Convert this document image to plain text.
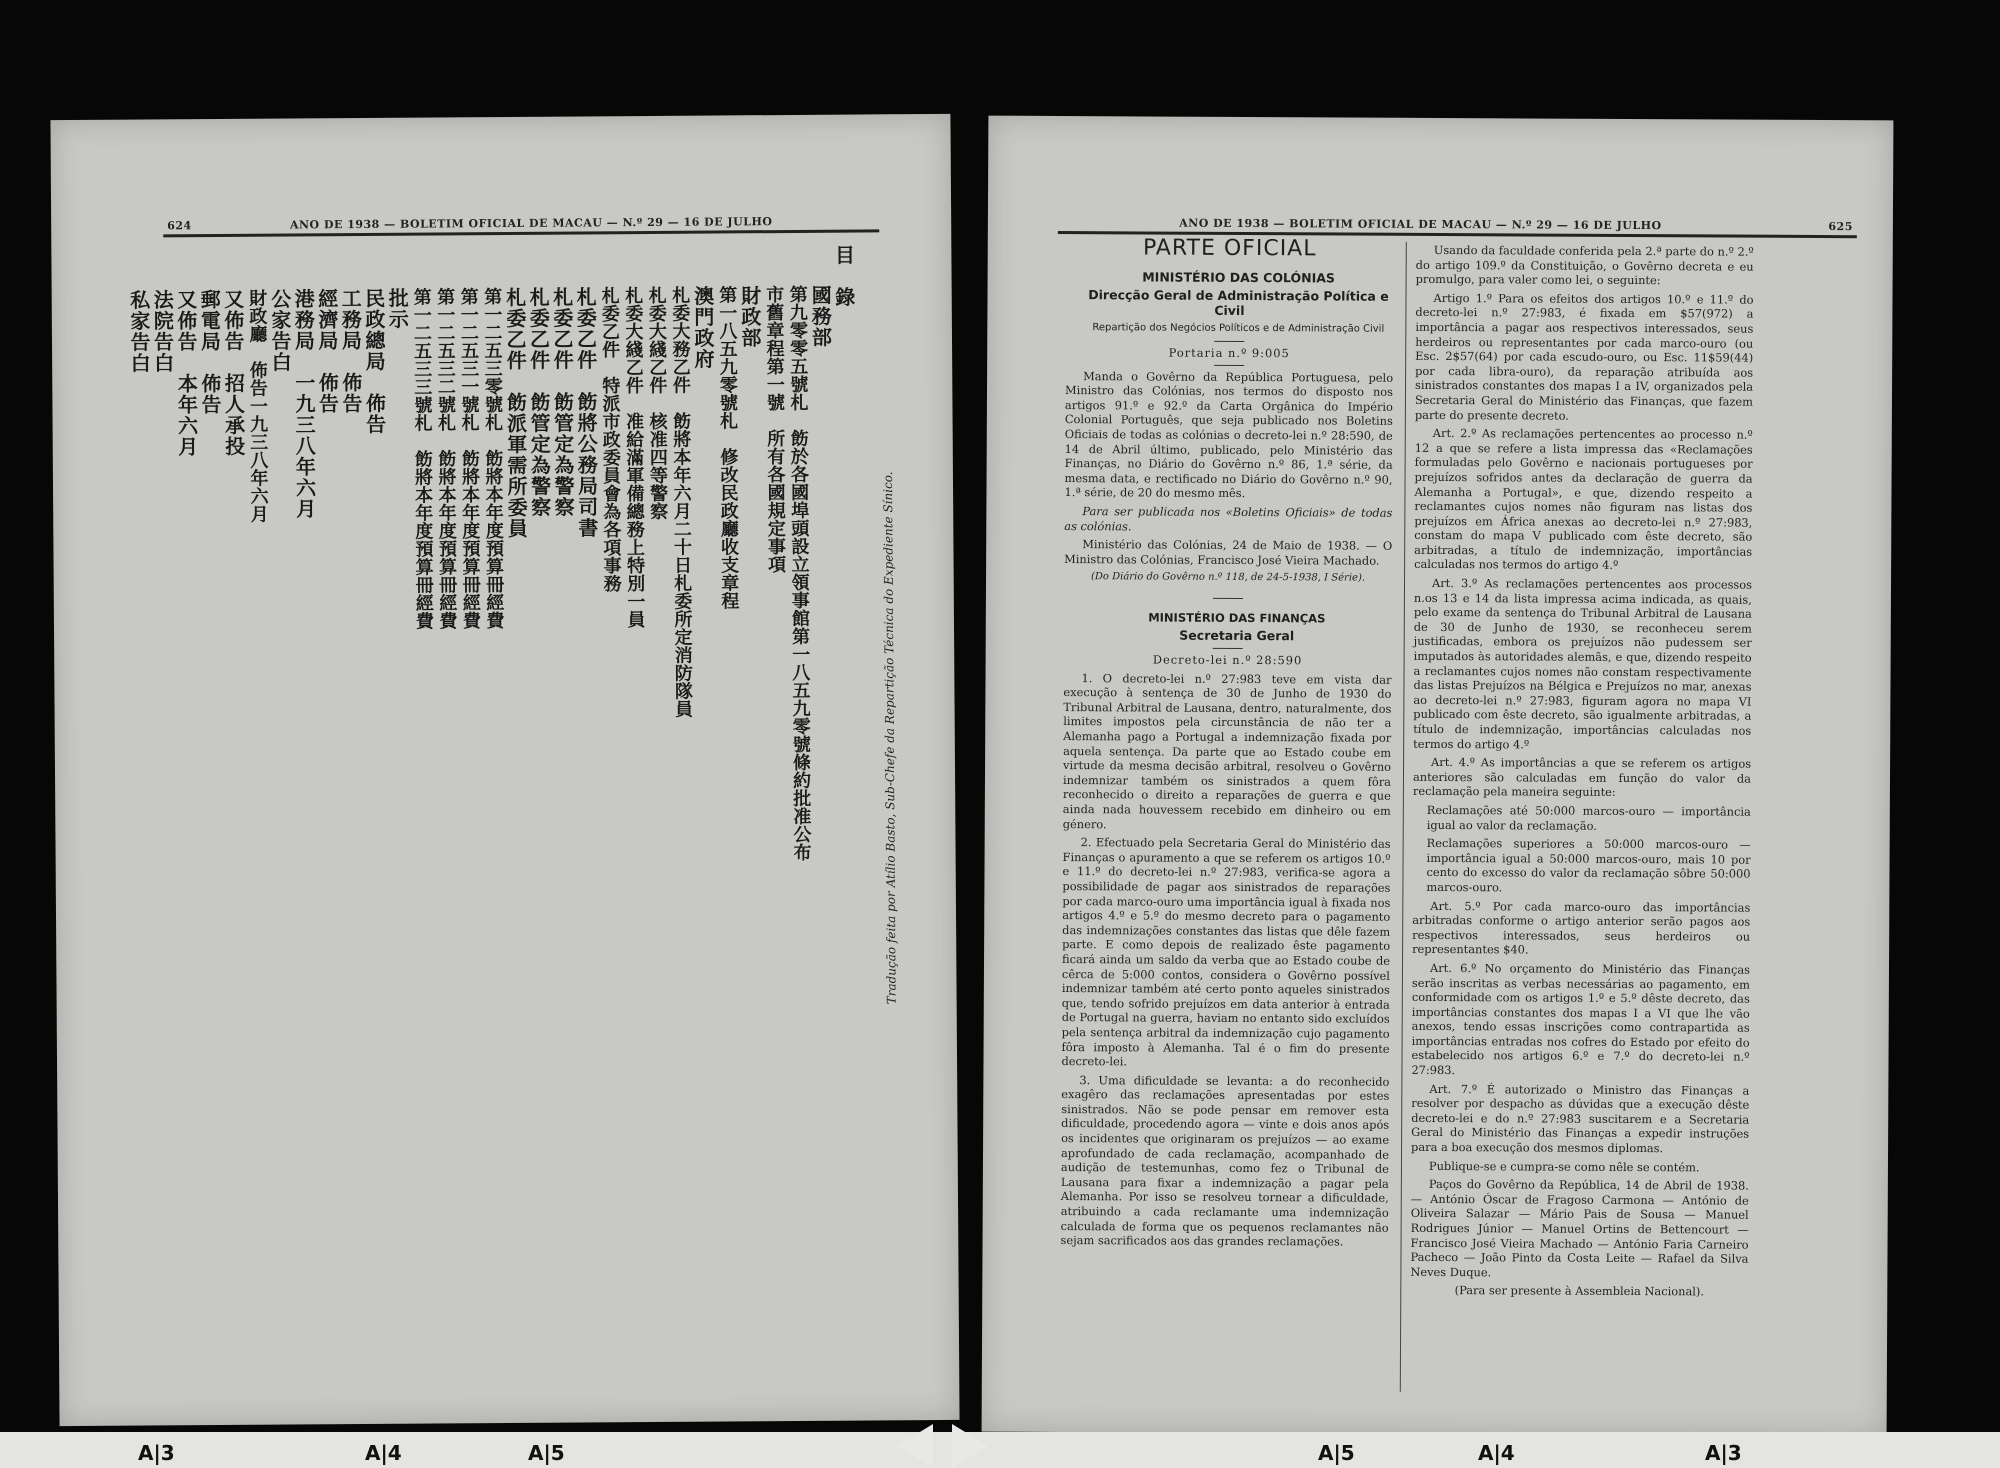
624	ANO DE 1938 — BOLETIM OFICIAL DE MACAU — N.º 29 — 16 DE JULHO
目　錄
國務部
第九零零五號札　飭於各國埠頭設立領事館第一八五九零號條約批准公布
市舊章程第一號　所有各國規定事項
財政部
第一八五九零號札　修改民政廳收支章程
澳門政府
札委大務乙件　飭將本年六月二十日札委所定消防隊員
札委大綫乙件　核准四等警察
札委大綫乙件　准給滿軍備總務上特別一員
札委乙件　特派市政委員會為各項事務
札委乙件　飭將公務局司書
札委乙件　飭管定為警察
札委乙件　飭管定為警察
札委乙件　飭派軍需所委員
第一二五三零號札　飭將本年度預算冊經費
第一二五三一號札　飭將本年度預算冊經費
第一二五三二號札　飭將本年度預算冊經費
第一二五三三號札　飭將本年度預算冊經費
批示
民政總局　佈告
工務局　佈告
經濟局　佈告
港務局　一九三八年六月
公家告白
財政廳　佈告一九三八年六月
又佈告　招人承投
郵電局　佈告
又佈告　本年六月
法院告白
私家告白
Tradução feita por Atílio Basto, Sub-Chefe da Repartição Técnica do Expediente Sínico.
ANO DE 1938 — BOLETIM OFICIAL DE MACAU — N.º 29 — 16 DE JULHO	625
PARTE OFICIAL

MINISTÉRIO DAS COLÓNIAS

Direcção Geral de Administração Política e Civil

Repartição dos Negócios Políticos e de Administração Civil

Portaria n.º 9:005

Manda o Govêrno da República Portuguesa, pelo Ministro das Colónias, nos termos do disposto nos artigos 91.º e 92.º da Carta Orgânica do Império Colonial Português, que seja publicado nos Boletins Oficiais de todas as colónias o decreto-lei n.º 28:590, de 14 de Abril último, publicado, pelo Ministério das Finanças, no Diário do Govêrno n.º 86, 1.ª série, da mesma data, e rectificado no Diário do Govêrno n.º 90, 1.ª série, de 20 do mesmo mês.

Para ser publicada nos «Boletins Oficiais» de todas as colónias.

Ministério das Colónias, 24 de Maio de 1938. — O Ministro das Colónias, Francisco José Vieira Machado.

(Do Diário do Govêrno n.º 118, de 24-5-1938, I Série).

MINISTÉRIO DAS FINANÇAS

Secretaria Geral

Decreto-lei n.º 28:590

1. O decreto-lei n.º 27:983 teve em vista dar execução à sentença de 30 de Junho de 1930 do Tribunal Arbitral de Lausana, dentro, naturalmente, dos limites impostos pela circunstância de não ter a Alemanha pago a Portugal a indemnização fixada por aquela sentença. Da parte que ao Estado coube em virtude da mesma decisão arbitral, resolveu o Govêrno indemnizar também os sinistrados a quem fôra reconhecido o direito a reparações de guerra e que ainda nada houvessem recebido em dinheiro ou em género.

2. Efectuado pela Secretaria Geral do Ministério das Finanças o apuramento a que se referem os artigos 10.º e 11.º do decreto-lei n.º 27:983, verifica-se agora a possibilidade de pagar aos sinistrados de reparações por cada marco-ouro uma importância igual à fixada nos artigos 4.º e 5.º do mesmo decreto para o pagamento das indemnizações constantes das listas que dêle fazem parte. E como depois de realizado êste pagamento ficará ainda um saldo da verba que ao Estado coube de cêrca de 5:000 contos, considera o Govêrno possível indemnizar também até certo ponto aqueles sinistrados que, tendo sofrido prejuízos em data anterior à entrada de Portugal na guerra, haviam no entanto sido excluídos pela sentença arbitral da indemnização cujo pagamento fôra imposto à Alemanha. Tal é o fim do presente decreto-lei.

3. Uma dificuldade se levanta: a do reconhecido exagêro das reclamações apresentadas por estes sinistrados. Não se pode pensar em remover esta dificuldade, procedendo agora — vinte e dois anos após os incidentes que originaram os prejuízos — ao exame aprofundado de cada reclamação, acompanhado de audição de testemunhas, como fez o Tribunal de Lausana para fixar a indemnização a pagar pela Alemanha. Por isso se resolveu tornear a dificuldade, atribuindo a cada reclamante uma indemnização calculada de forma que os pequenos reclamantes não sejam sacrificados aos das grandes reclamações.

Usando da faculdade conferida pela 2.ª parte do n.º 2.º do artigo 109.º da Constituição, o Govêrno decreta e eu promulgo, para valer como lei, o seguinte:

Artigo 1.º Para os efeitos dos artigos 10.º e 11.º do decreto-lei n.º 27:983, é fixada em $57(972) a importância a pagar aos respectivos interessados, seus herdeiros ou representantes por cada marco-ouro (ou Esc. 2$57(64) por cada escudo-ouro, ou Esc. 11$59(44) por cada libra-ouro), da reparação atribuída aos sinistrados constantes dos mapas I a IV, organizados pela Secretaria Geral do Ministério das Finanças, que fazem parte do presente decreto.

Art. 2.º As reclamações pertencentes ao processo n.º 12 a que se refere a lista impressa das «Reclamações formuladas pelo Govêrno e nacionais portugueses por prejuízos sofridos antes da declaração de guerra da Alemanha a Portugal», e que, dizendo respeito a reclamantes cujos nomes não figuram nas listas dos prejuízos em África anexas ao decreto-lei n.º 27:983, constam do mapa V publicado com êste decreto, são arbitradas, a título de indemnização, importâncias calculadas nos termos do artigo 4.º

Art. 3.º As reclamações pertencentes aos processos n.os 13 e 14 da lista impressa acima indicada, as quais, pelo exame da sentença do Tribunal Arbitral de Lausana de 30 de Junho de 1930, se reconheceu serem justificadas, embora os prejuízos não pudessem ser imputados às autoridades alemãs, e que, dizendo respeito a reclamantes cujos nomes não constam respectivamente das listas Prejuízos na Bélgica e Prejuízos no mar, anexas ao decreto-lei n.º 27:983, figuram agora no mapa VI publicado com êste decreto, são igualmente arbitradas, a título de indemnização, importâncias calculadas nos termos do artigo 4.º

Art. 4.º As importâncias a que se referem os artigos anteriores são calculadas em função do valor da reclamação pela maneira seguinte:

Reclamações até 50:000 marcos-ouro — importância igual ao valor da reclamação.

Reclamações superiores a 50:000 marcos-ouro — importância igual a 50:000 marcos-ouro, mais 10 por cento do excesso do valor da reclamação sôbre 50:000 marcos-ouro.

Art. 5.º Por cada marco-ouro das importâncias arbitradas conforme o artigo anterior serão pagos aos respectivos interessados, seus herdeiros ou representantes $40.

Art. 6.º No orçamento do Ministério das Finanças serão inscritas as verbas necessárias ao pagamento, em conformidade com os artigos 1.º e 5.º dêste decreto, das importâncias constantes dos mapas I a VI que lhe vão anexos, tendo essas inscrições como contrapartida as importâncias entradas nos cofres do Estado por efeito do estabelecido nos artigos 6.º e 7.º do decreto-lei n.º 27:983.

Art. 7.º É autorizado o Ministro das Finanças a resolver por despacho as dúvidas que a execução dêste decreto-lei e do n.º 27:983 suscitarem e a Secretaria Geral do Ministério das Finanças a expedir instruções para a boa execução dos mesmos diplomas.

Publique-se e cumpra-se como nêle se contém.

Paços do Govêrno da República, 14 de Abril de 1938. — António Óscar de Fragoso Carmona — António de Oliveira Salazar — Mário Pais de Sousa — Manuel Rodrigues Júnior — Manuel Ortins de Bettencourt — Francisco José Vieira Machado — António Faria Carneiro Pacheco — João Pinto da Costa Leite — Rafael da Silva Neves Duque.

(Para ser presente à Assembleia Nacional).

A|3	A|4	A|5	A|5	A|4	A|3
